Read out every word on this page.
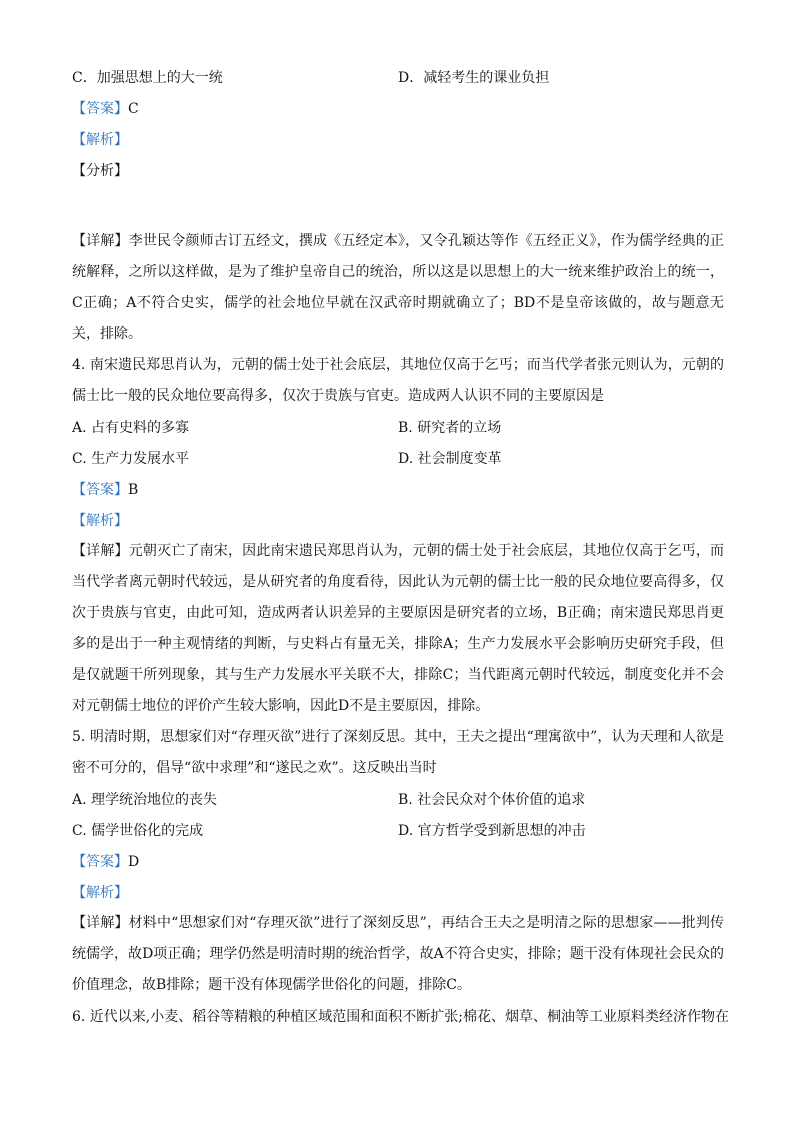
C．加强思想上的大一统	D．减轻考生的课业负担
【答案】 C
【解析】
【分析】
【详解】李世民令颜师古订五经文，撰成《五经定本》，又令孔颖达等作《五经正义》，作为儒学经典的正统解释，之所以这样做，是为了维护皇帝自己的统治，所以这是以思想上的大一统来维护政治上的统一，C正确；A不符合史实，儒学的社会地位早就在汉武帝时期就确立了；BD不是皇帝该做的，故与题意无关，排除。
4. 南宋遗民郑思肖认为，元朝的儒士处于社会底层，其地位仅高于乞丐；而当代学者张元则认为，元朝的儒士比一般的民众地位要高得多，仅次于贵族与官吏。造成两人认识不同的主要原因是
A. 占有史料的多寡	B. 研究者的立场
C. 生产力发展水平	D. 社会制度变革
【答案】 B
【解析】
【详解】元朝灭亡了南宋，因此南宋遗民郑思肖认为，元朝的儒士处于社会底层，其地位仅高于乞丐，而当代学者离元朝时代较远，是从研究者的角度看待，因此认为元朝的儒士比一般的民众地位要高得多，仅次于贵族与官吏，由此可知，造成两者认识差异的主要原因是研究者的立场，B正确；南宋遗民郑思肖更多的是出于一种主观情绪的判断，与史料占有量无关，排除A；生产力发展水平会影响历史研究手段，但是仅就题干所列现象，其与生产力发展水平关联不大，排除C；当代距离元朝时代较远，制度变化并不会对元朝儒士地位的评价产生较大影响，因此D不是主要原因，排除。
5. 明清时期，思想家们对“存理灭欲”进行了深刻反思。其中，王夫之提出“理寓欲中”，认为天理和人欲是密不可分的，倡导“欲中求理”和“遂民之欢”。这反映出当时
A. 理学统治地位的丧失	B. 社会民众对个体价值的追求
C. 儒学世俗化的完成	D. 官方哲学受到新思想的冲击
【答案】 D
【解析】
【详解】材料中“思想家们对“存理灭欲”进行了深刻反思”，再结合王夫之是明清之际的思想家——批判传统儒学，故D项正确；理学仍然是明清时期的统治哲学，故A不符合史实，排除；题干没有体现社会民众的价值理念，故B排除；题干没有体现儒学世俗化的问题，排除C。
6. 近代以来,小麦、稻谷等精粮的种植区域范围和面积不断扩张;棉花、烟草、桐油等工业原料类经济作物在
